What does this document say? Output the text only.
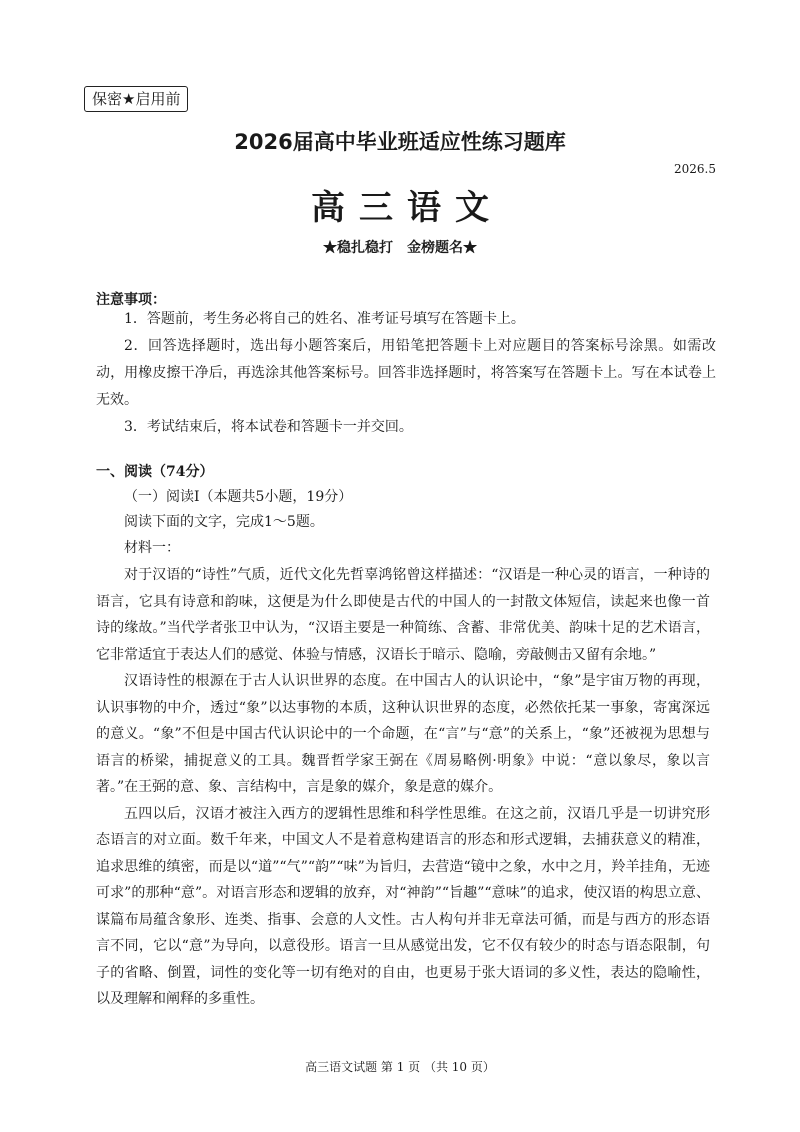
保密★启用前
2026届高中毕业班适应性练习题库
2026.5
高三语文
★稳扎稳打　金榜题名★
注意事项：

1．答题前，考生务必将自己的姓名、准考证号填写在答题卡上。

2．回答选择题时，选出每小题答案后，用铅笔把答题卡上对应题目的答案标号涂黑。如需改动，用橡皮擦干净后，再选涂其他答案标号。回答非选择题时，将答案写在答题卡上。写在本试卷上无效。

3．考试结束后，将本试卷和答题卡一并交回。

一、阅读（74分）
（一）阅读Ⅰ（本题共5小题，19分）
阅读下面的文字，完成1～5题。
材料一：

对于汉语的“诗性”气质，近代文化先哲辜鸿铭曾这样描述：“汉语是一种心灵的语言，一种诗的语言，它具有诗意和韵味，这便是为什么即使是古代的中国人的一封散文体短信，读起来也像一首诗的缘故。”当代学者张卫中认为，“汉语主要是一种简练、含蓄、非常优美、韵味十足的艺术语言，它非常适宜于表达人们的感觉、体验与情感，汉语长于暗示、隐喻，旁敲侧击又留有余地。”

汉语诗性的根源在于古人认识世界的态度。在中国古人的认识论中，“象”是宇宙万物的再现，认识事物的中介，透过“象”以达事物的本质，这种认识世界的态度，必然依托某一事象，寄寓深远的意义。“象”不但是中国古代认识论中的一个命题，在“言”与“意”的关系上，“象”还被视为思想与语言的桥梁，捕捉意义的工具。魏晋哲学家王弼在《周易略例·明象》中说：“意以象尽，象以言著。”在王弼的意、象、言结构中，言是象的媒介，象是意的媒介。

五四以后，汉语才被注入西方的逻辑性思维和科学性思维。在这之前，汉语几乎是一切讲究形态语言的对立面。数千年来，中国文人不是着意构建语言的形态和形式逻辑，去捕获意义的精准，追求思维的缜密，而是以“道”“气”“韵”“味”为旨归，去营造“镜中之象，水中之月，羚羊挂角，无迹可求”的那种“意”。对语言形态和逻辑的放弃，对“神韵”“旨趣”“意味”的追求，使汉语的构思立意、谋篇布局蕴含象形、连类、指事、会意的人文性。古人构句并非无章法可循，而是与西方的形态语言不同，它以“意”为导向，以意役形。语言一旦从感觉出发，它不仅有较少的时态与语态限制，句子的省略、倒置，词性的变化等一切有绝对的自由，也更易于张大语词的多义性，表达的隐喻性，以及理解和阐释的多重性。

高三语文试题 第 1 页 （共 10 页）
